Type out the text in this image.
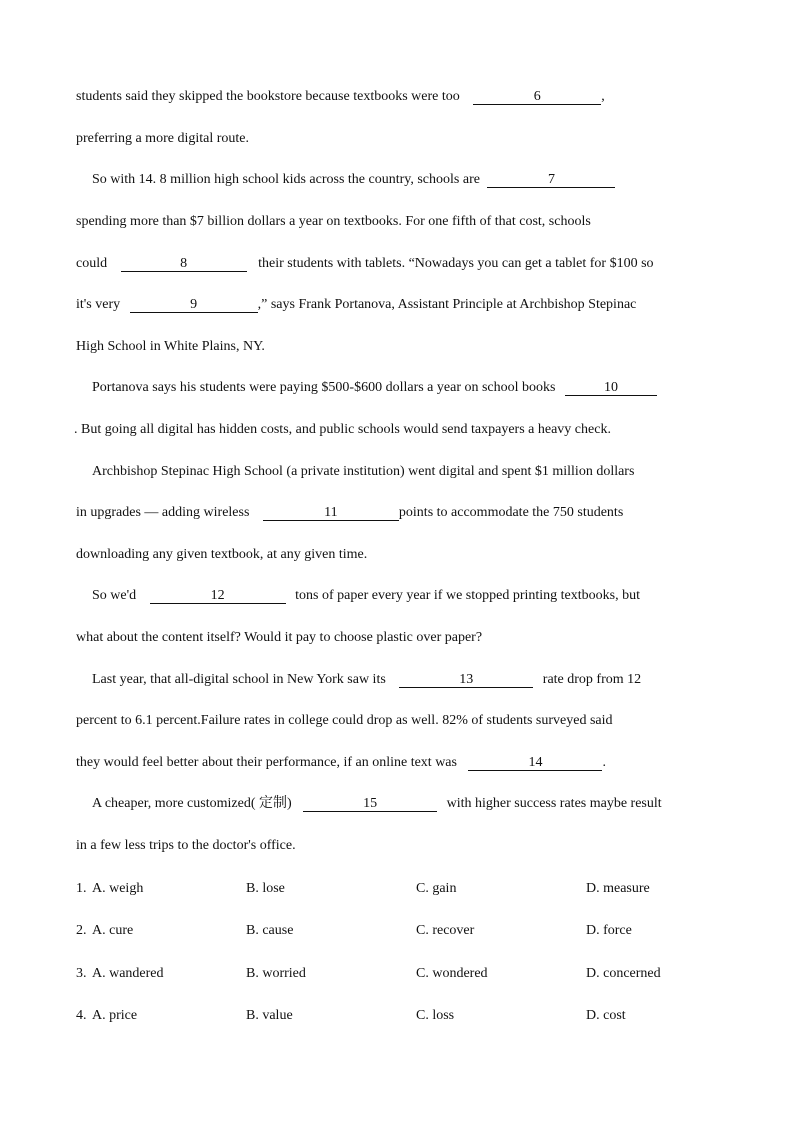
students said they skipped the bookstore because textbooks were too	6	,
preferring a more digital route.
So with 14. 8 million high school kids across the country, schools are	7
spending more than $7 billion dollars a year on textbooks. For one fifth of that cost, schools
could	8	their students with tablets. “Nowadays you can get a tablet for $100 so
it's very	9	,” says Frank Portanova, Assistant Principle at Archbishop Stepinac
High School in White Plains, NY.
Portanova says his students were paying $500-$600 dollars a year on school books	10
. But going all digital has hidden costs, and public schools would send taxpayers a heavy check.
Archbishop Stepinac High School (a private institution) went digital and spent $1 million dollars
in upgrades — adding wireless	11	points to accommodate the 750 students
downloading any given textbook, at any given time.
So we'd	12	tons of paper every year if we stopped printing textbooks, but
what about the content itself? Would it pay to choose plastic over paper?
Last year, that all-digital school in New York saw its	13	rate drop from 12
percent to 6.1 percent.Failure rates in college could drop as well. 82% of students surveyed said
they would feel better about their performance, if an online text was	14	.
A cheaper, more customized( 定制)	15	with higher success rates maybe result
in a few less trips to the doctor's office.
1. A. weigh	B. lose	C. gain	D. measure
2. A. cure	B. cause	C. recover	D. force
3. A. wandered	B. worried	C. wondered	D. concerned
4. A. price	B. value	C. loss	D. cost
